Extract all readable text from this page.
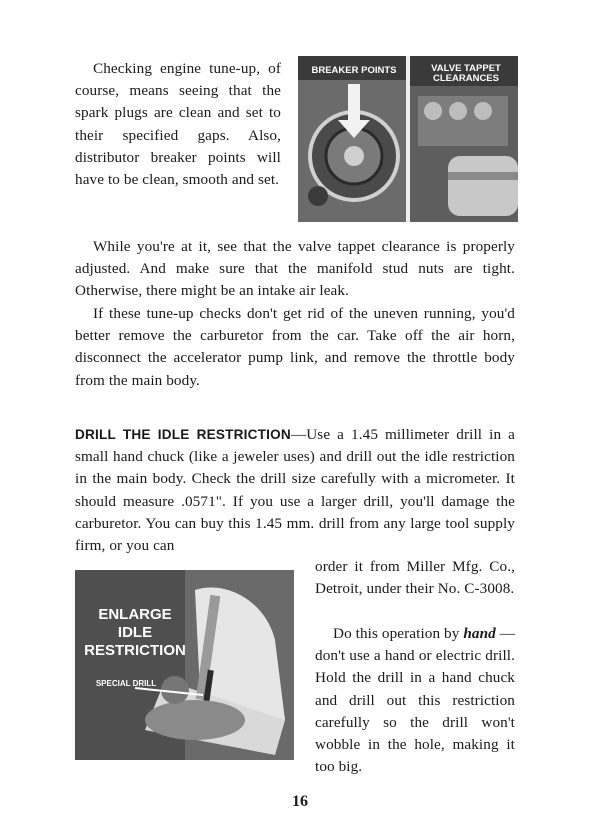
Checking engine tune-up, of course, means seeing that the spark plugs are clean and set to their specified gaps. Also, distributor breaker points will have to be clean, smooth and set.

BREAKER POINTS	VALVE TAPPET CLEARANCES

While you're at it, see that the valve tappet clearance is properly adjusted. And make sure that the manifold stud nuts are tight. Otherwise, there might be an intake air leak.

If these tune-up checks don't get rid of the uneven running, you'd better remove the carburetor from the car. Take off the air horn, disconnect the accelerator pump link, and remove the throttle body from the main body.

DRILL THE IDLE RESTRICTION—Use a 1.45 millimeter drill in a small hand chuck (like a jeweler uses) and drill out the idle restriction in the main body. Check the drill size carefully with a micrometer. It should measure .0571". If you use a larger drill, you'll damage the carburetor. You can buy this 1.45 mm. drill from any large tool supply firm, or you can

ENLARGE
IDLE
RESTRICTION
SPECIAL DRILL

order it from Miller Mfg. Co., Detroit, under their No. C-3008.

Do this operation by hand —don't use a hand or electric drill. Hold the drill in a hand chuck and drill out this restriction carefully so the drill won't wobble in the hole, making it too big.

16
